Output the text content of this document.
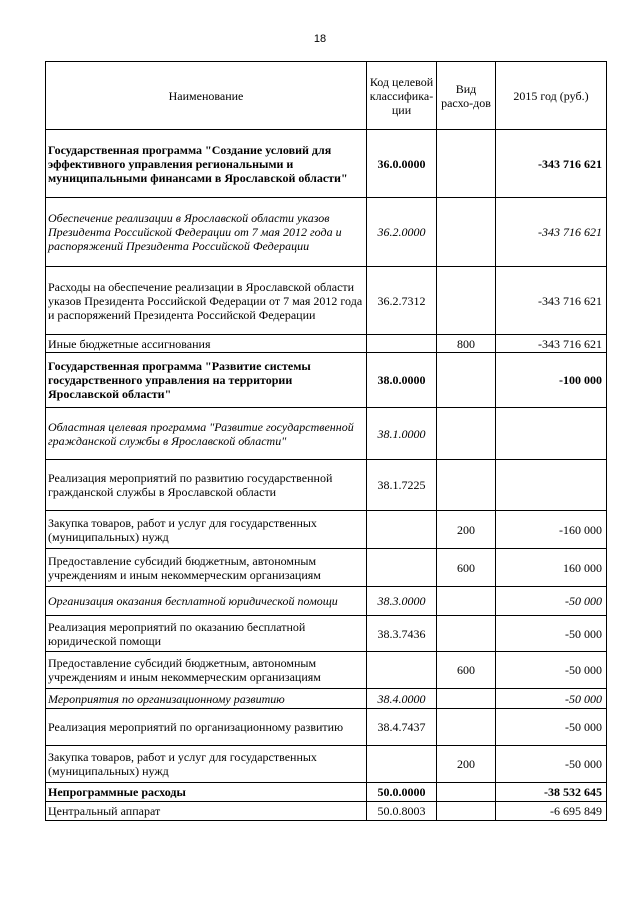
18
Наименование	Код целевой классифика-ции	Вид расхо-дов	2015 год (руб.)
Государственная программа "Создание условий для эффективного управления региональными и муниципальными финансами в Ярославской области"	36.0.0000		-343 716 621
Обеспечение реализации в Ярославской области указов Президента Российской Федерации от 7 мая 2012 года и распоряжений Президента Российской Федерации	36.2.0000		-343 716 621
Расходы на обеспечение реализации в Ярославской области указов Президента Российской Федерации от 7 мая 2012 года и распоряжений Президента Российской Федерации	36.2.7312		-343 716 621
Иные бюджетные ассигнования		800	-343 716 621
Государственная программа "Развитие системы государственного управления на территории Ярославской области"	38.0.0000		-100 000
Областная целевая программа "Развитие государственной гражданской службы в Ярославской области"	38.1.0000		
Реализация мероприятий по развитию государственной гражданской службы в Ярославской области	38.1.7225		
Закупка товаров, работ и услуг для государственных (муниципальных) нужд		200	-160 000
Предоставление субсидий бюджетным, автономным учреждениям и иным некоммерческим организациям		600	160 000
Организация оказания бесплатной юридической помощи	38.3.0000		-50 000
Реализация мероприятий по оказанию бесплатной юридической помощи	38.3.7436		-50 000
Предоставление субсидий бюджетным, автономным учреждениям и иным некоммерческим организациям		600	-50 000
Мероприятия по организационному развитию	38.4.0000		-50 000
Реализация мероприятий по организационному развитию	38.4.7437		-50 000
Закупка товаров, работ и услуг для государственных (муниципальных) нужд		200	-50 000
Непрограммные расходы	50.0.0000		-38 532 645
Центральный аппарат	50.0.8003		-6 695 849
